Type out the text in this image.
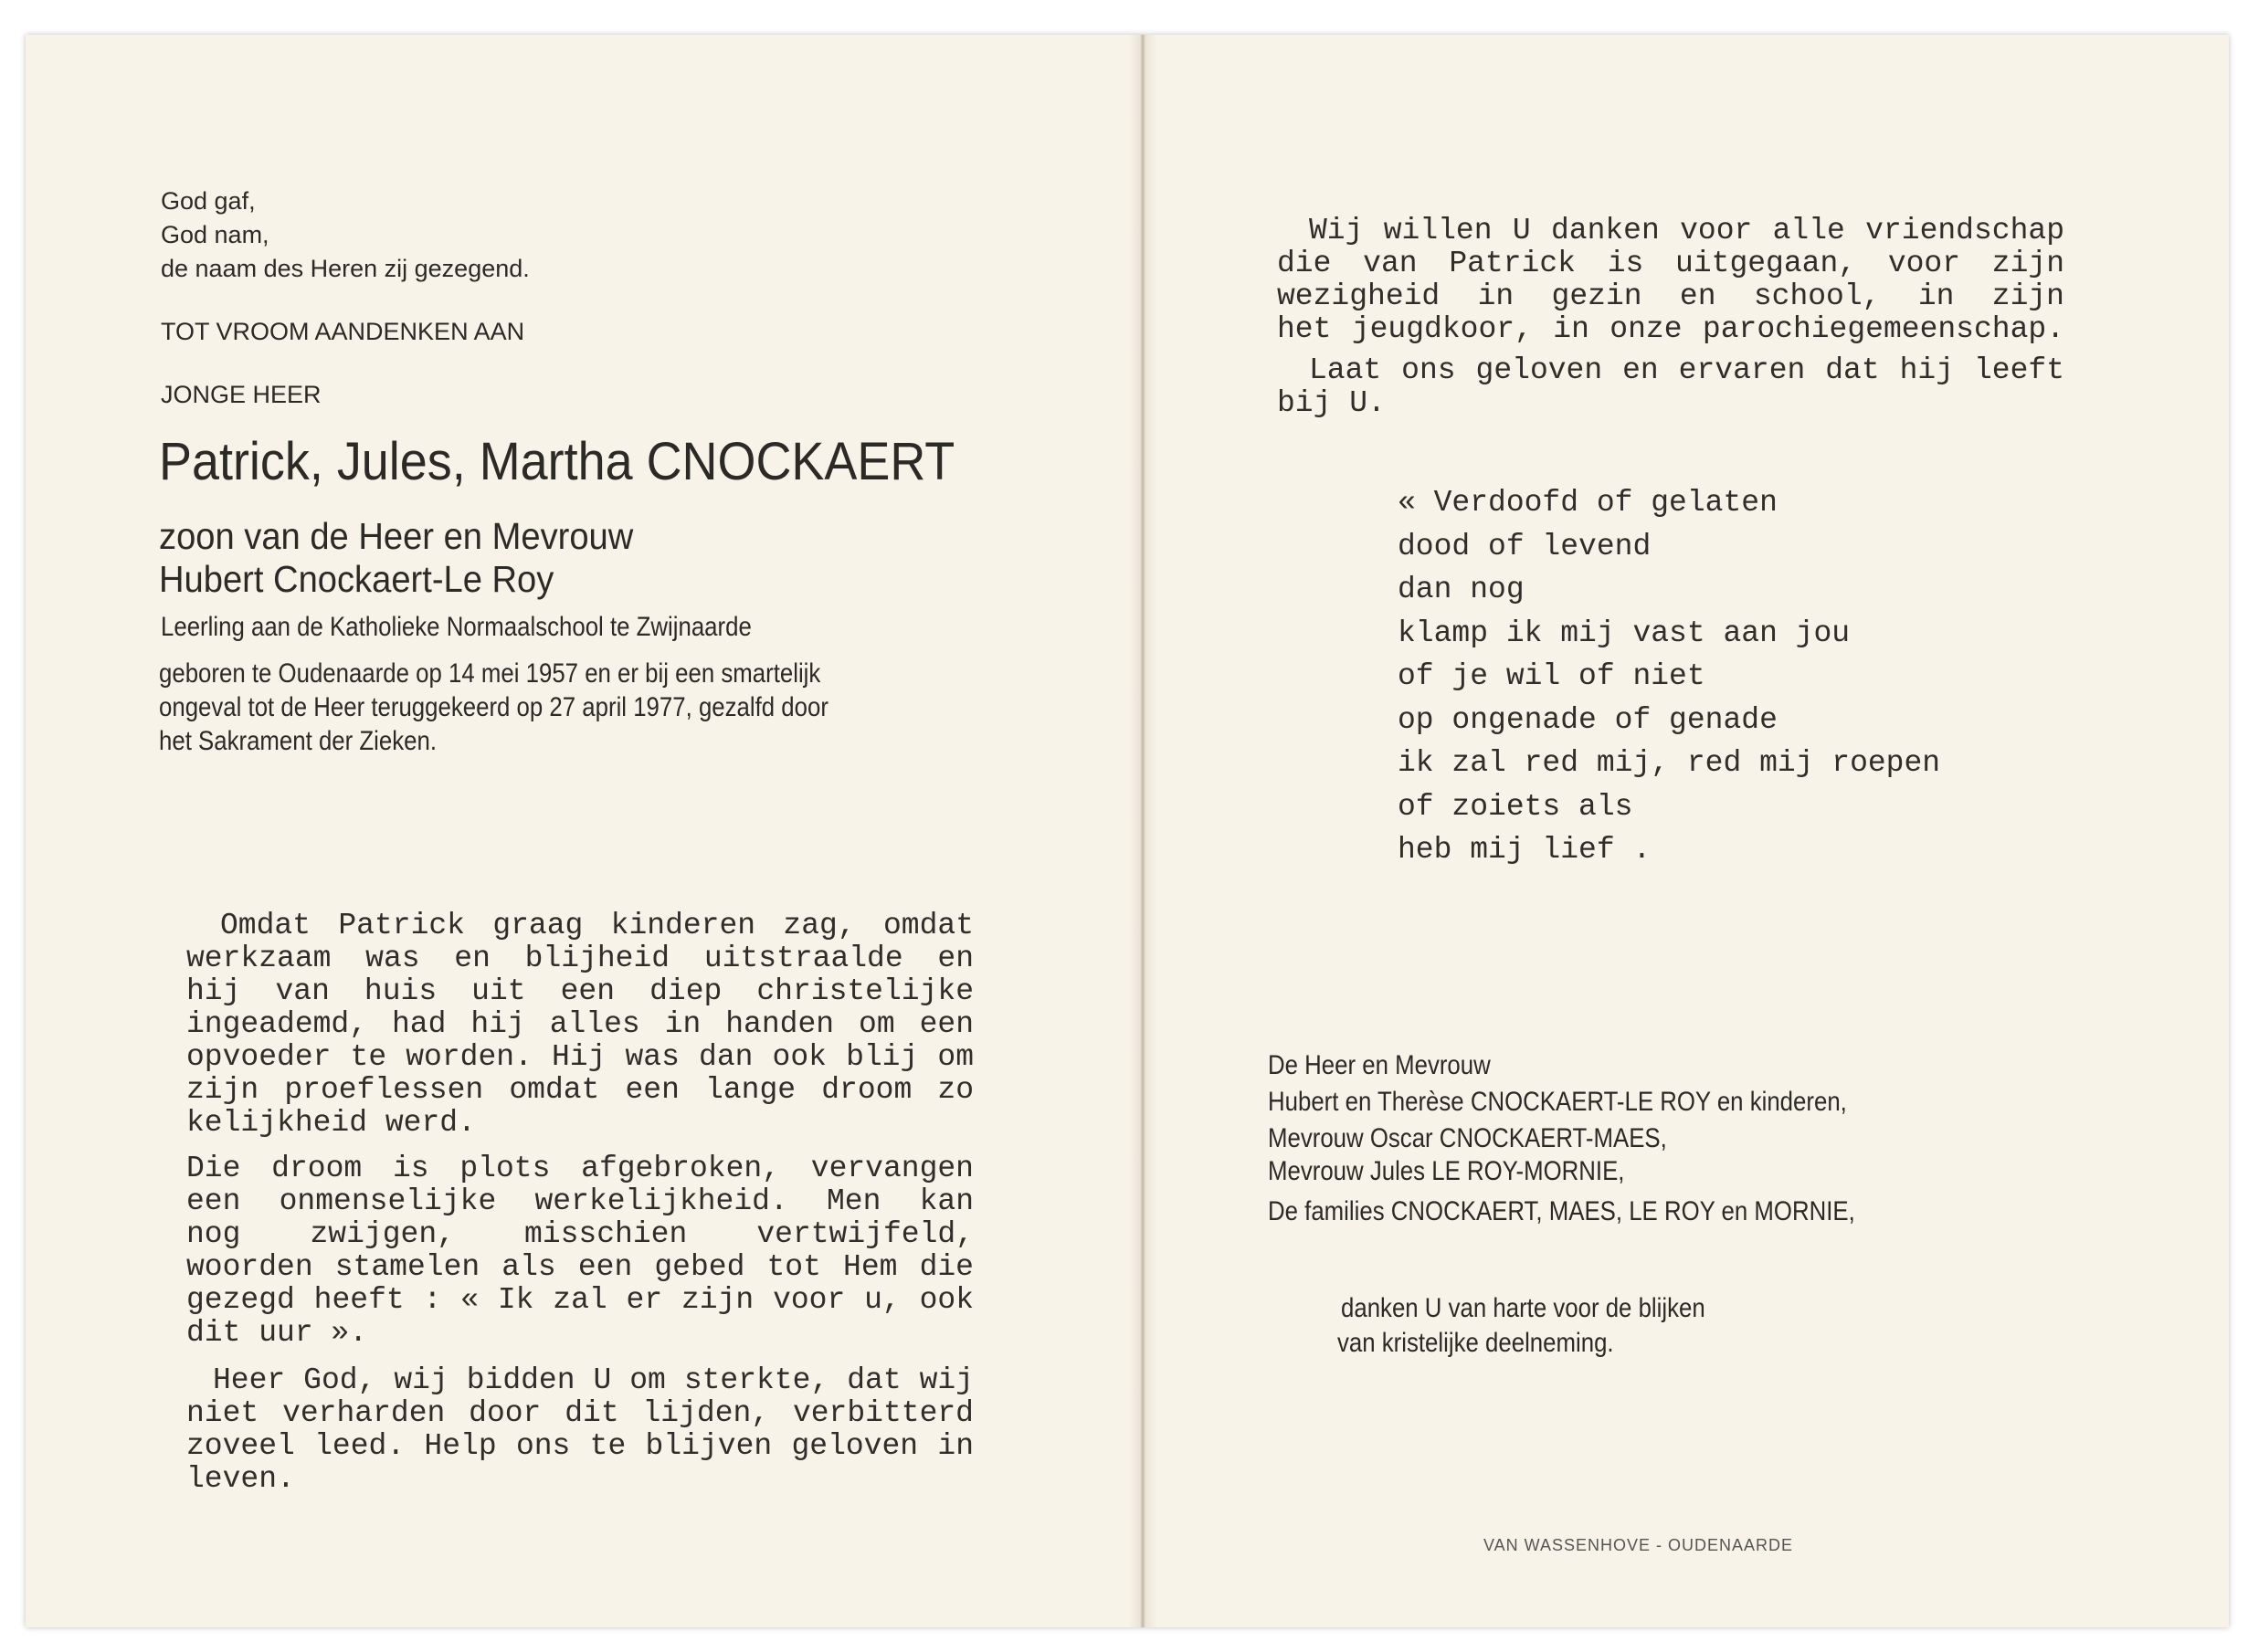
God gaf,
God nam,
de naam des Heren zij gezegend.
TOT VROOM AANDENKEN AAN
JONGE HEER
Patrick, Jules, Martha CNOCKAERT
zoon van de Heer en Mevrouw
Hubert Cnockaert-Le Roy
Leerling aan de Katholieke Normaalschool te Zwijnaarde
geboren te Oudenaarde op 14 mei 1957 en er bij een smartelijk
ongeval tot de Heer teruggekeerd op 27 april 1977, gezalfd door
het Sakrament der Zieken.
Omdat Patrick graag kinderen zag, omdat
werkzaam was en blijheid uitstraalde en
hij van huis uit een diep christelijke
ingeademd, had hij alles in handen om een
opvoeder te worden. Hij was dan ook blij om
zijn proeflessen omdat een lange droom zo
kelijkheid werd.
Die droom is plots afgebroken, vervangen
een onmenselijke werkelijkheid. Men kan
nog zwijgen, misschien vertwijfeld,
woorden stamelen als een gebed tot Hem die
gezegd heeft : « Ik zal er zijn voor u, ook
dit uur ».
Heer God, wij bidden U om sterkte, dat wij
niet verharden door dit lijden, verbitterd
zoveel leed. Help ons te blijven geloven in
leven.
Wij willen U danken voor alle vriendschap
die van Patrick is uitgegaan, voor zijn
wezigheid in gezin en school, in zijn
het jeugdkoor, in onze parochiegemeenschap.
Laat ons geloven en ervaren dat hij leeft
bij U.
« Verdoofd of gelaten
dood of levend
dan nog
klamp ik mij vast aan jou
of je wil of niet
op ongenade of genade
ik zal red mij, red mij roepen
of zoiets als
heb mij lief .
De Heer en Mevrouw
Hubert en Therèse CNOCKAERT-LE ROY en kinderen,
Mevrouw Oscar CNOCKAERT-MAES,
Mevrouw Jules LE ROY-MORNIE,
De families CNOCKAERT, MAES, LE ROY en MORNIE,
danken U van harte voor de blijken
van kristelijke deelneming.
VAN WASSENHOVE - OUDENAARDE
